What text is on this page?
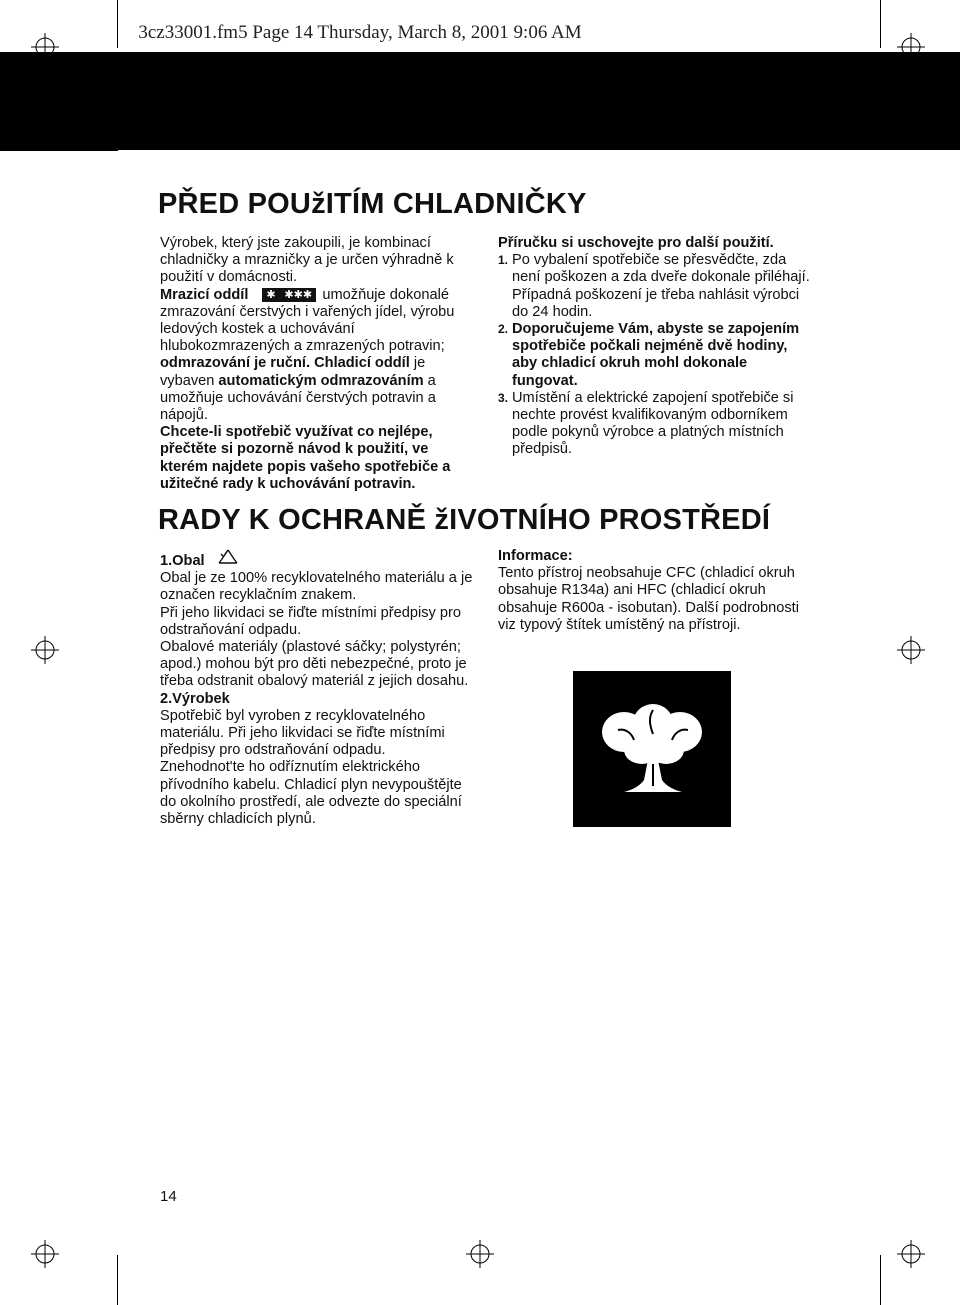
3cz33001.fm5 Page 14 Thursday, March 8, 2001 9:06 AM
PŘED POUžITÍM CHLADNIČKY

Výrobek, který jste zakoupili, je kombinací chladničky a mrazničky a je určen výhradně k použití v domácnosti.

Mrazicí oddíl ✱ ✱✱✱ umožňuje dokonalé zmrazování čerstvých i vařených jídel, výrobu ledových kostek a uchovávání hlubokozmrazených a zmrazených potravin; odmrazování je ruční. Chladicí oddíl je vybaven automatickým odmrazováním a umožňuje uchovávání čerstvých potravin a nápojů.

Chcete-li spotřebič využívat co nejlépe, přečtěte si pozorně návod k použití, ve kterém najdete popis vašeho spotřebiče a užitečné rady k uchovávání potravin.

Příručku si uschovejte pro další použití.

1. Po vybalení spotřebiče se přesvědčte, zda není poškozen a zda dveře dokonale přiléhají. Případná poškození je třeba nahlásit výrobci do 24 hodin.
2. Doporučujeme Vám, abyste se zapojením spotřebiče počkali nejméně dvě hodiny, aby chladicí okruh mohl dokonale fungovat.
3. Umístění a elektrické zapojení spotřebiče si nechte provést kvalifikovaným odborníkem podle pokynů výrobce a platných místních předpisů.
RADY K OCHRANĚ žIVOTNÍHO PROSTŘEDÍ

1.Obal

Obal je ze 100% recyklovatelného materiálu a je označen recyklačním znakem.

Při jeho likvidaci se řiďte místními předpisy pro odstraňování odpadu.

Obalové materiály (plastové sáčky; polystyrén; apod.) mohou být pro děti nebezpečné, proto je třeba odstranit obalový materiál z jejich dosahu.

2.Výrobek

Spotřebič byl vyroben z recyklovatelného materiálu. Při jeho likvidaci se řiďte místními předpisy pro odstraňování odpadu.

Znehodnot'te ho odříznutím elektrického přívodního kabelu. Chladicí plyn nevypouštějte do okolního prostředí, ale odvezte do speciální sběrny chladicích plynů.

Informace:

Tento přístroj neobsahuje CFC (chladicí okruh obsahuje R134a) ani HFC (chladicí okruh obsahuje R600a - isobutan). Další podrobnosti viz typový štítek umístěný na přístroji.

14
